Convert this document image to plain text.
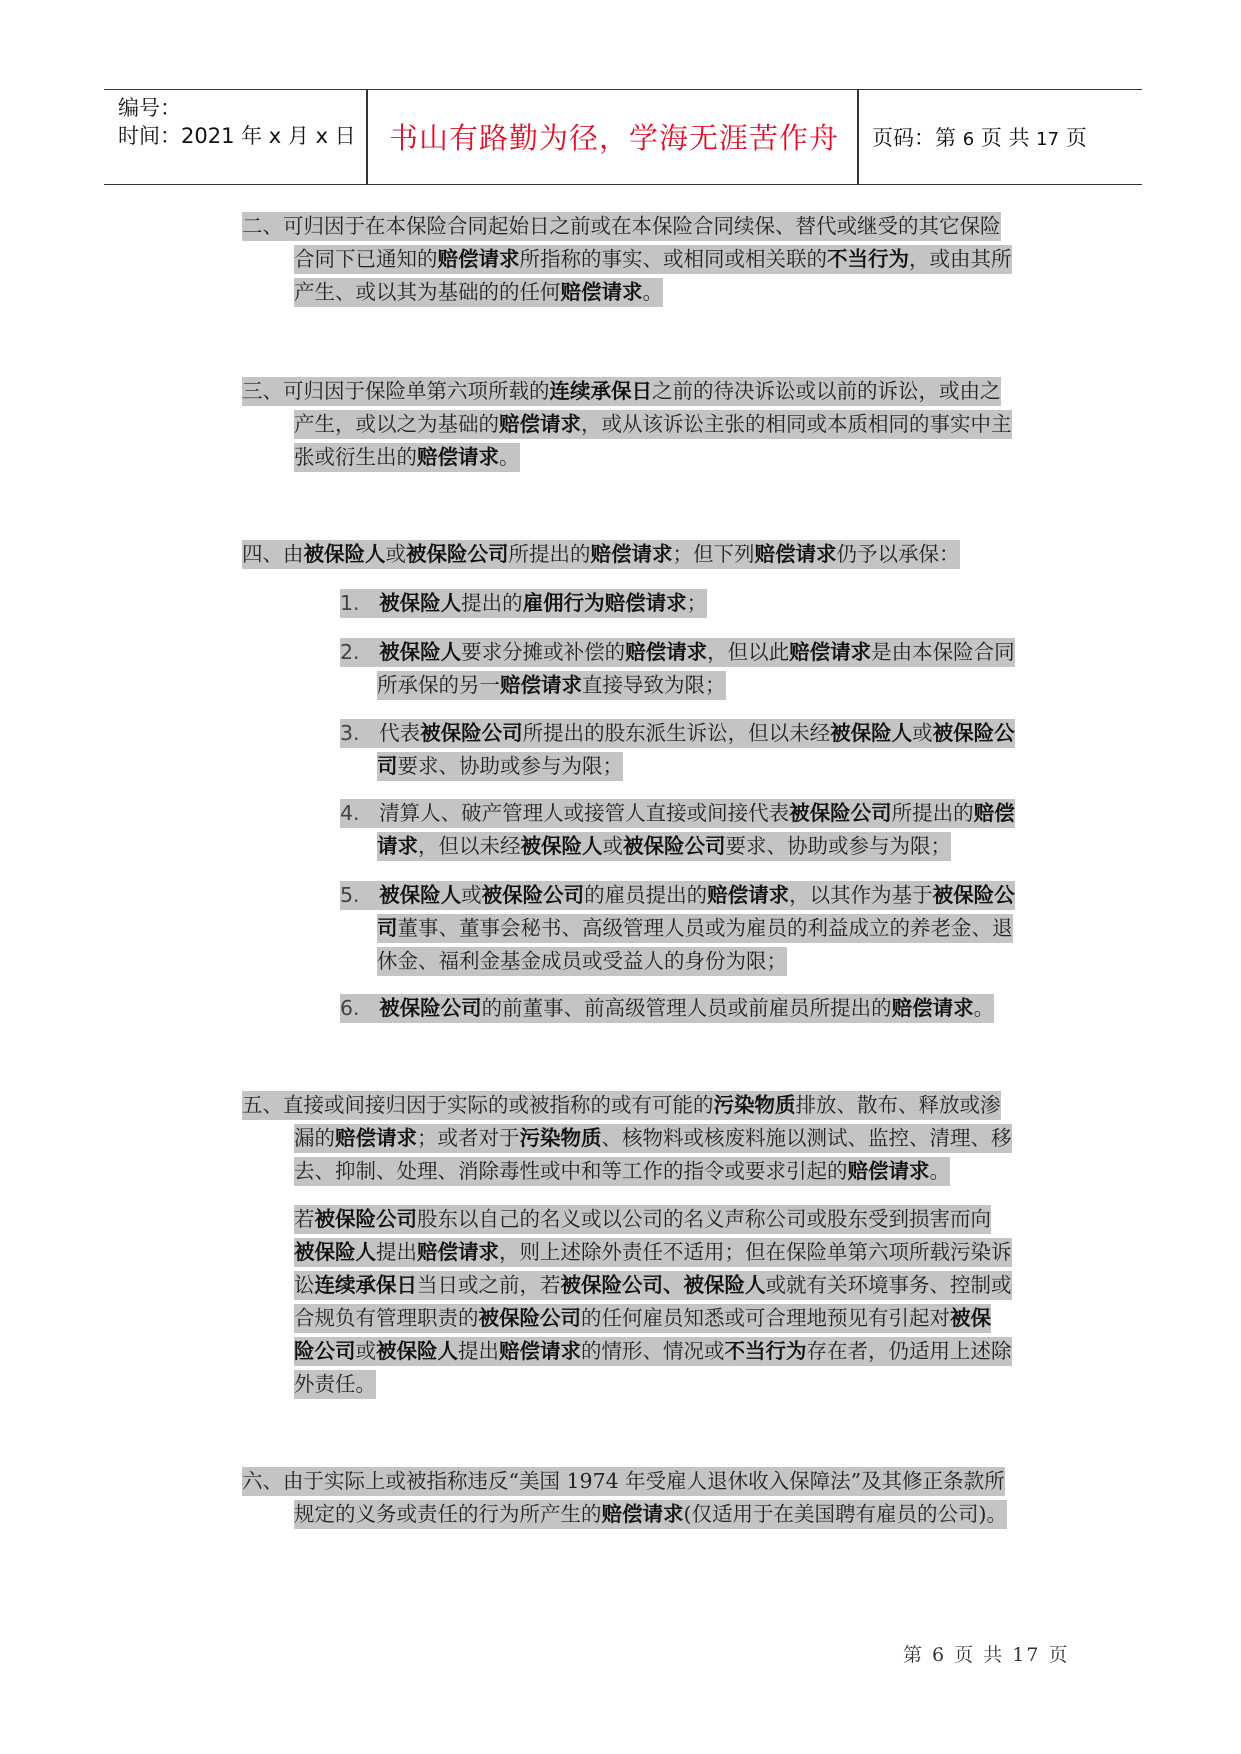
编号：
时间：2021 年 x 月 x 日	书山有路勤为径，学海无涯苦作舟	页码：第 6 页 共 17 页
二、可归因于在本保险合同起始日之前或在本保险合同续保、替代或继受的其它保险
合同下已通知的赔偿请求所指称的事实、或相同或相关联的不当行为，或由其所
产生、或以其为基础的的任何赔偿请求。
三、可归因于保险单第六项所载的连续承保日之前的待决诉讼或以前的诉讼，或由之
产生，或以之为基础的赔偿请求，或从该诉讼主张的相同或本质相同的事实中主
张或衍生出的赔偿请求。
四、由被保险人或被保险公司所提出的赔偿请求；但下列赔偿请求仍予以承保：
1. 被保险人提出的雇佣行为赔偿请求；
2. 被保险人要求分摊或补偿的赔偿请求，但以此赔偿请求是由本保险合同
所承保的另一赔偿请求直接导致为限；
3. 代表被保险公司所提出的股东派生诉讼，但以未经被保险人或被保险公
司要求、协助或参与为限；
4. 清算人、破产管理人或接管人直接或间接代表被保险公司所提出的赔偿
请求，但以未经被保险人或被保险公司要求、协助或参与为限；
5. 被保险人或被保险公司的雇员提出的赔偿请求，以其作为基于被保险公
司董事、董事会秘书、高级管理人员或为雇员的利益成立的养老金、退
休金、福利金基金成员或受益人的身份为限；
6. 被保险公司的前董事、前高级管理人员或前雇员所提出的赔偿请求。
五、直接或间接归因于实际的或被指称的或有可能的污染物质排放、散布、释放或渗
漏的赔偿请求；或者对于污染物质、核物料或核废料施以测试、监控、清理、移
去、抑制、处理、消除毒性或中和等工作的指令或要求引起的赔偿请求。
若被保险公司股东以自己的名义或以公司的名义声称公司或股东受到损害而向
被保险人提出赔偿请求，则上述除外责任不适用；但在保险单第六项所载污染诉
讼连续承保日当日或之前，若被保险公司、被保险人或就有关环境事务、控制或
合规负有管理职责的被保险公司的任何雇员知悉或可合理地预见有引起对被保
险公司或被保险人提出赔偿请求的情形、情况或不当行为存在者，仍适用上述除
外责任。
六、由于实际上或被指称违反“美国 1974 年受雇人退休收入保障法”及其修正条款所
规定的义务或责任的行为所产生的赔偿请求(仅适用于在美国聘有雇员的公司)。
第 6 页 共 17 页
